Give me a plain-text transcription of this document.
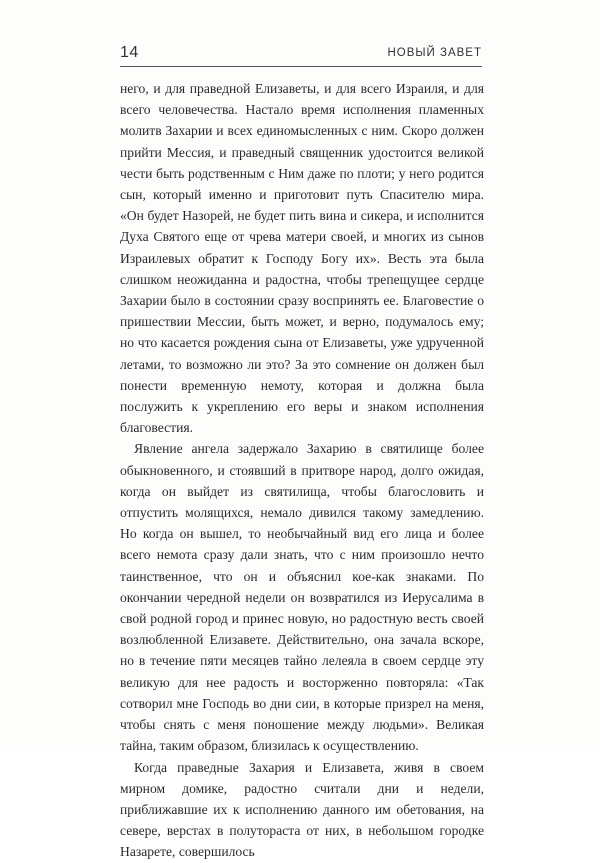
14	НОВЫЙ ЗАВЕТ

него, и для праведной Елизаветы, и для всего Израиля, и для всего человечества. Настало время исполнения пламенных молитв Захарии и всех единомысленных с ним. Скоро должен прийти Мессия, и праведный священник удостоится великой чести быть родственным с Ним даже по плоти; у него родится сын, который именно и приготовит путь Спасителю мира. «Он будет Назорей, не будет пить вина и сикера, и исполнится Духа Святого еще от чрева матери своей, и многих из сынов Израилевых обратит к Господу Богу их». Весть эта была слишком неожиданна и радостна, чтобы трепещущее сердце Захарии было в состоянии сразу воспринять ее. Благовестие о пришествии Мессии, быть может, и верно, подумалось ему; но что касается рождения сына от Елизаветы, уже удрученной летами, то возможно ли это? За это сомнение он должен был понести временную немоту, которая и должна была послужить к укреплению его веры и знаком исполнения благовестия.

Явление ангела задержало Захарию в святилище более обыкновенного, и стоявший в притворе народ, долго ожидая, когда он выйдет из святилища, чтобы благословить и отпустить молящихся, немало дивился такому замедлению. Но когда он вышел, то необычайный вид его лица и более всего немота сразу дали знать, что с ним произошло нечто таинственное, что он и объяснил кое-как знаками. По окончании чередной недели он возвратился из Иерусалима в свой родной город и принес новую, но радостную весть своей возлюбленной Елизавете. Действительно, она зачала вскоре, но в течение пяти месяцев тайно лелеяла в своем сердце эту великую для нее радость и восторженно повторяла: «Так сотворил мне Господь во дни сии, в которые призрел на меня, чтобы снять с меня поношение между людьми». Великая тайна, таким образом, близилась к осуществлению.

Когда праведные Захария и Елизавета, живя в своем мирном домике, радостно считали дни и недели, приближавшие их к исполнению данного им обетования, на севере, верстах в полутораста от них, в небольшом городке Назарете, совершилось
